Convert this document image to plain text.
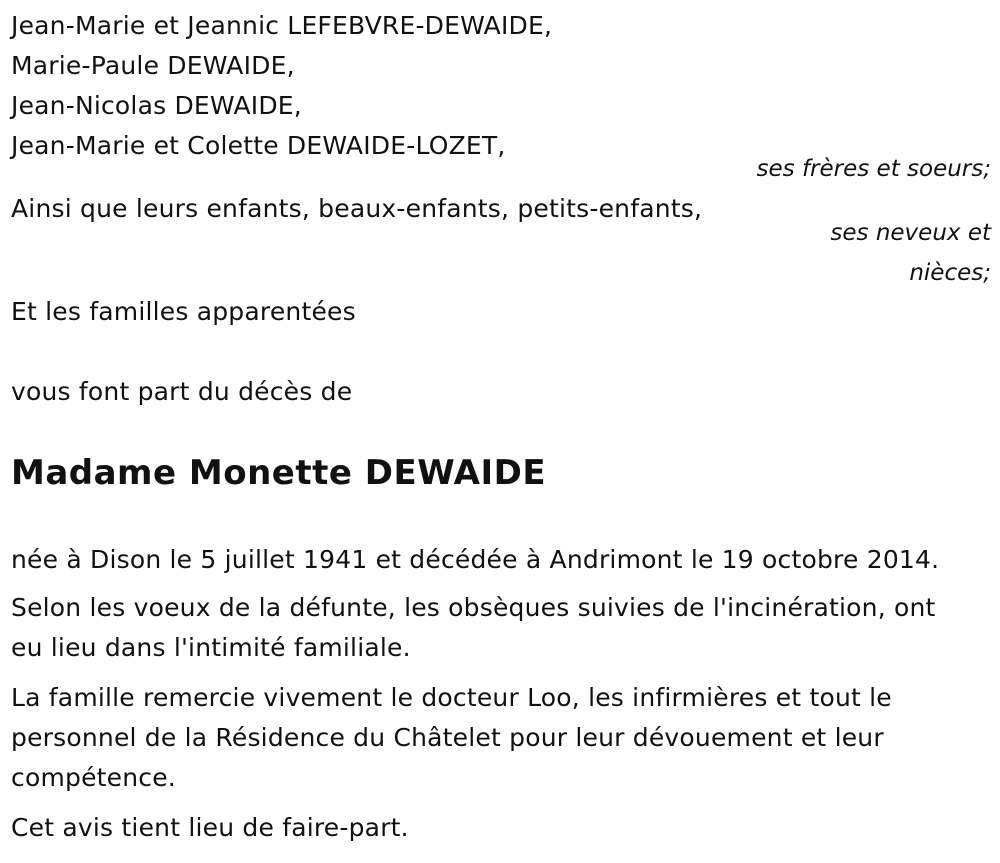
Jean-Marie et Jeannic LEFEBVRE-DEWAIDE,
Marie-Paule DEWAIDE,
Jean-Nicolas DEWAIDE,
Jean-Marie et Colette DEWAIDE-LOZET,
ses frères et soeurs;
Ainsi que leurs enfants, beaux-enfants, petits-enfants,
ses neveux et
nièces;
Et les familles apparentées
vous font part du décès de
Madame Monette DEWAIDE
née à Dison le 5 juillet 1941 et décédée à Andrimont le 19 octobre 2014.
Selon les voeux de la défunte, les obsèques suivies de l'incinération, ont
eu lieu dans l'intimité familiale.
La famille remercie vivement le docteur Loo, les infirmières et tout le
personnel de la Résidence du Châtelet pour leur dévouement et leur
compétence.
Cet avis tient lieu de faire-part.
